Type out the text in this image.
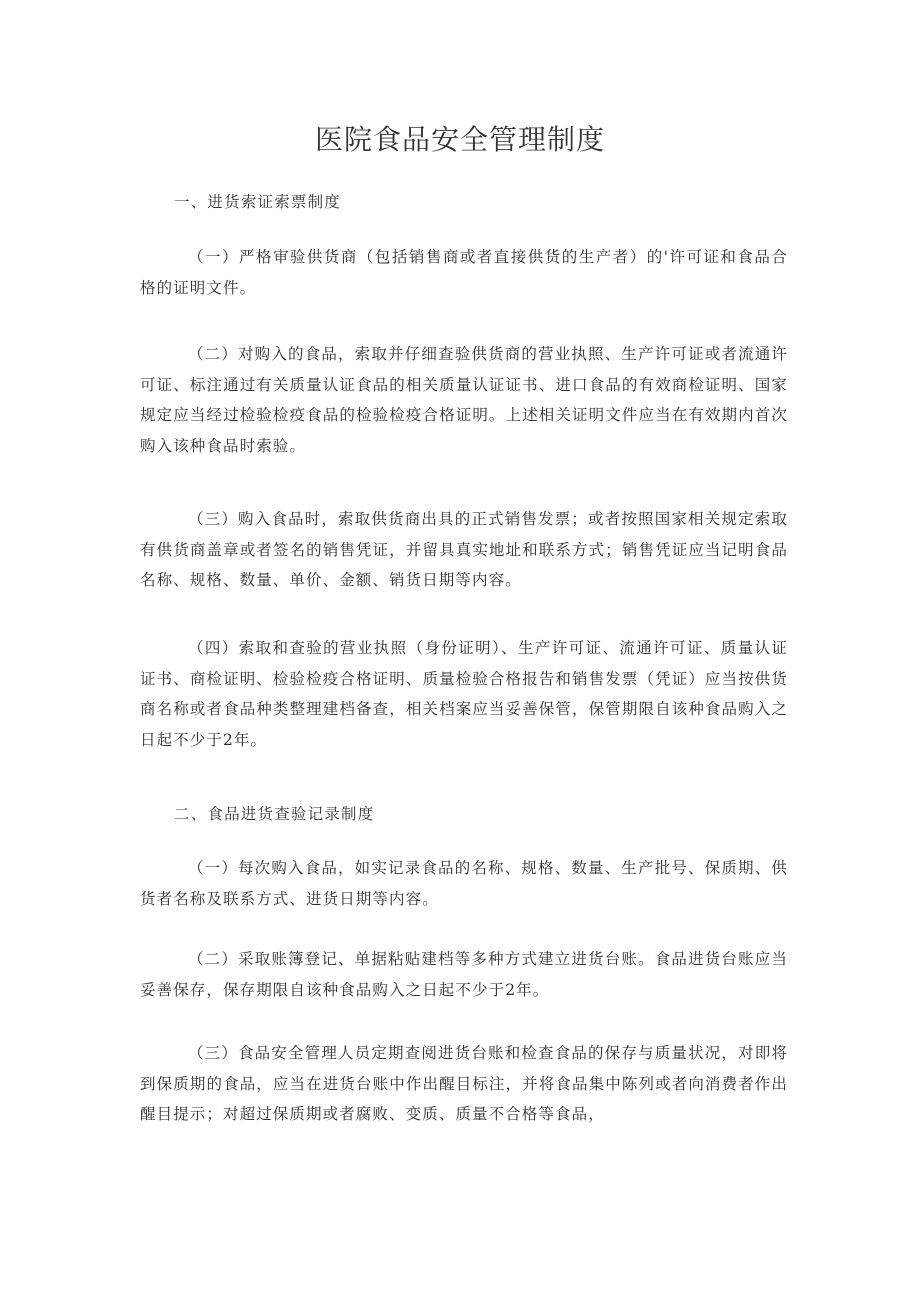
医院食品安全管理制度

一、进货索证索票制度

（一）严格审验供货商（包括销售商或者直接供货的生产者）的'许可证和食品合格的证明文件。

（二）对购入的食品，索取并仔细查验供货商的营业执照、生产许可证或者流通许可证、标注通过有关质量认证食品的相关质量认证证书、进口食品的有效商检证明、国家规定应当经过检验检疫食品的检验检疫合格证明。上述相关证明文件应当在有效期内首次购入该种食品时索验。

（三）购入食品时，索取供货商出具的正式销售发票；或者按照国家相关规定索取有供货商盖章或者签名的销售凭证，并留具真实地址和联系方式；销售凭证应当记明食品名称、规格、数量、单价、金额、销货日期等内容。

（四）索取和查验的营业执照（身份证明）、生产许可证、流通许可证、质量认证证书、商检证明、检验检疫合格证明、质量检验合格报告和销售发票（凭证）应当按供货商名称或者食品种类整理建档备查，相关档案应当妥善保管，保管期限自该种食品购入之日起不少于2年。

二、食品进货查验记录制度

（一）每次购入食品，如实记录食品的名称、规格、数量、生产批号、保质期、供货者名称及联系方式、进货日期等内容。

（二）采取账簿登记、单据粘贴建档等多种方式建立进货台账。食品进货台账应当妥善保存，保存期限自该种食品购入之日起不少于2年。

（三）食品安全管理人员定期查阅进货台账和检查食品的保存与质量状况，对即将到保质期的食品，应当在进货台账中作出醒目标注，并将食品集中陈列或者向消费者作出醒目提示；对超过保质期或者腐败、变质、质量不合格等食品，
